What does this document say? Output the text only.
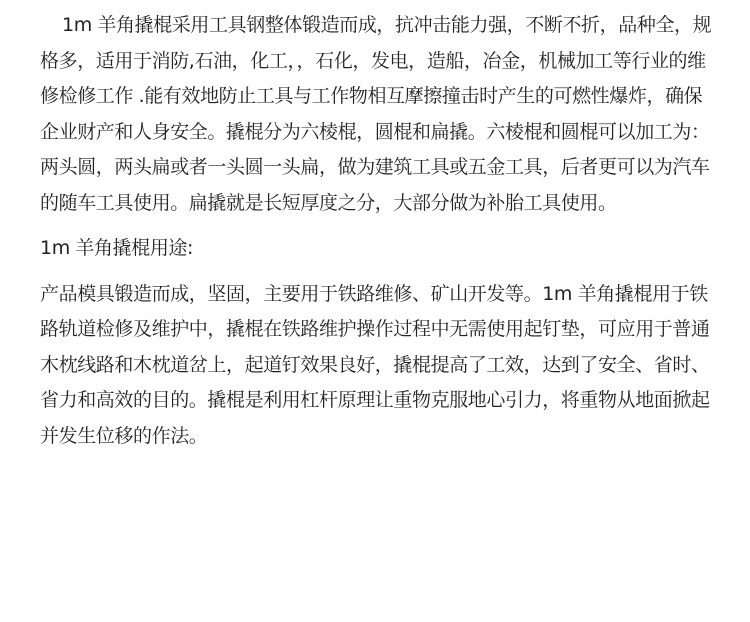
1m 羊角撬棍采用工具钢整体锻造而成，抗冲击能力强，不断不折，品种全，规格多，适用于消防,石油，化工，，石化，发电，造船，冶金，机械加工等行业的维修检修工作 .能有效地防止工具与工作物相互摩擦撞击时产生的可燃性爆炸，确保企业财产和人身安全。撬棍分为六棱棍，圆棍和扁撬。六棱棍和圆棍可以加工为：两头圆，两头扁或者一头圆一头扁，做为建筑工具或五金工具，后者更可以为汽车的随车工具使用。扁撬就是长短厚度之分，大部分做为补胎工具使用。

1m 羊角撬棍用途:

产品模具锻造而成，坚固，主要用于铁路维修、矿山开发等。1m 羊角撬棍用于铁路轨道检修及维护中，撬棍在铁路维护操作过程中无需使用起钉垫，可应用于普通木枕线路和木枕道岔上，起道钉效果良好，撬棍提高了工效，达到了安全、省时、省力和高效的目的。撬棍是利用杠杆原理让重物克服地心引力，将重物从地面掀起并发生位移的作法。
